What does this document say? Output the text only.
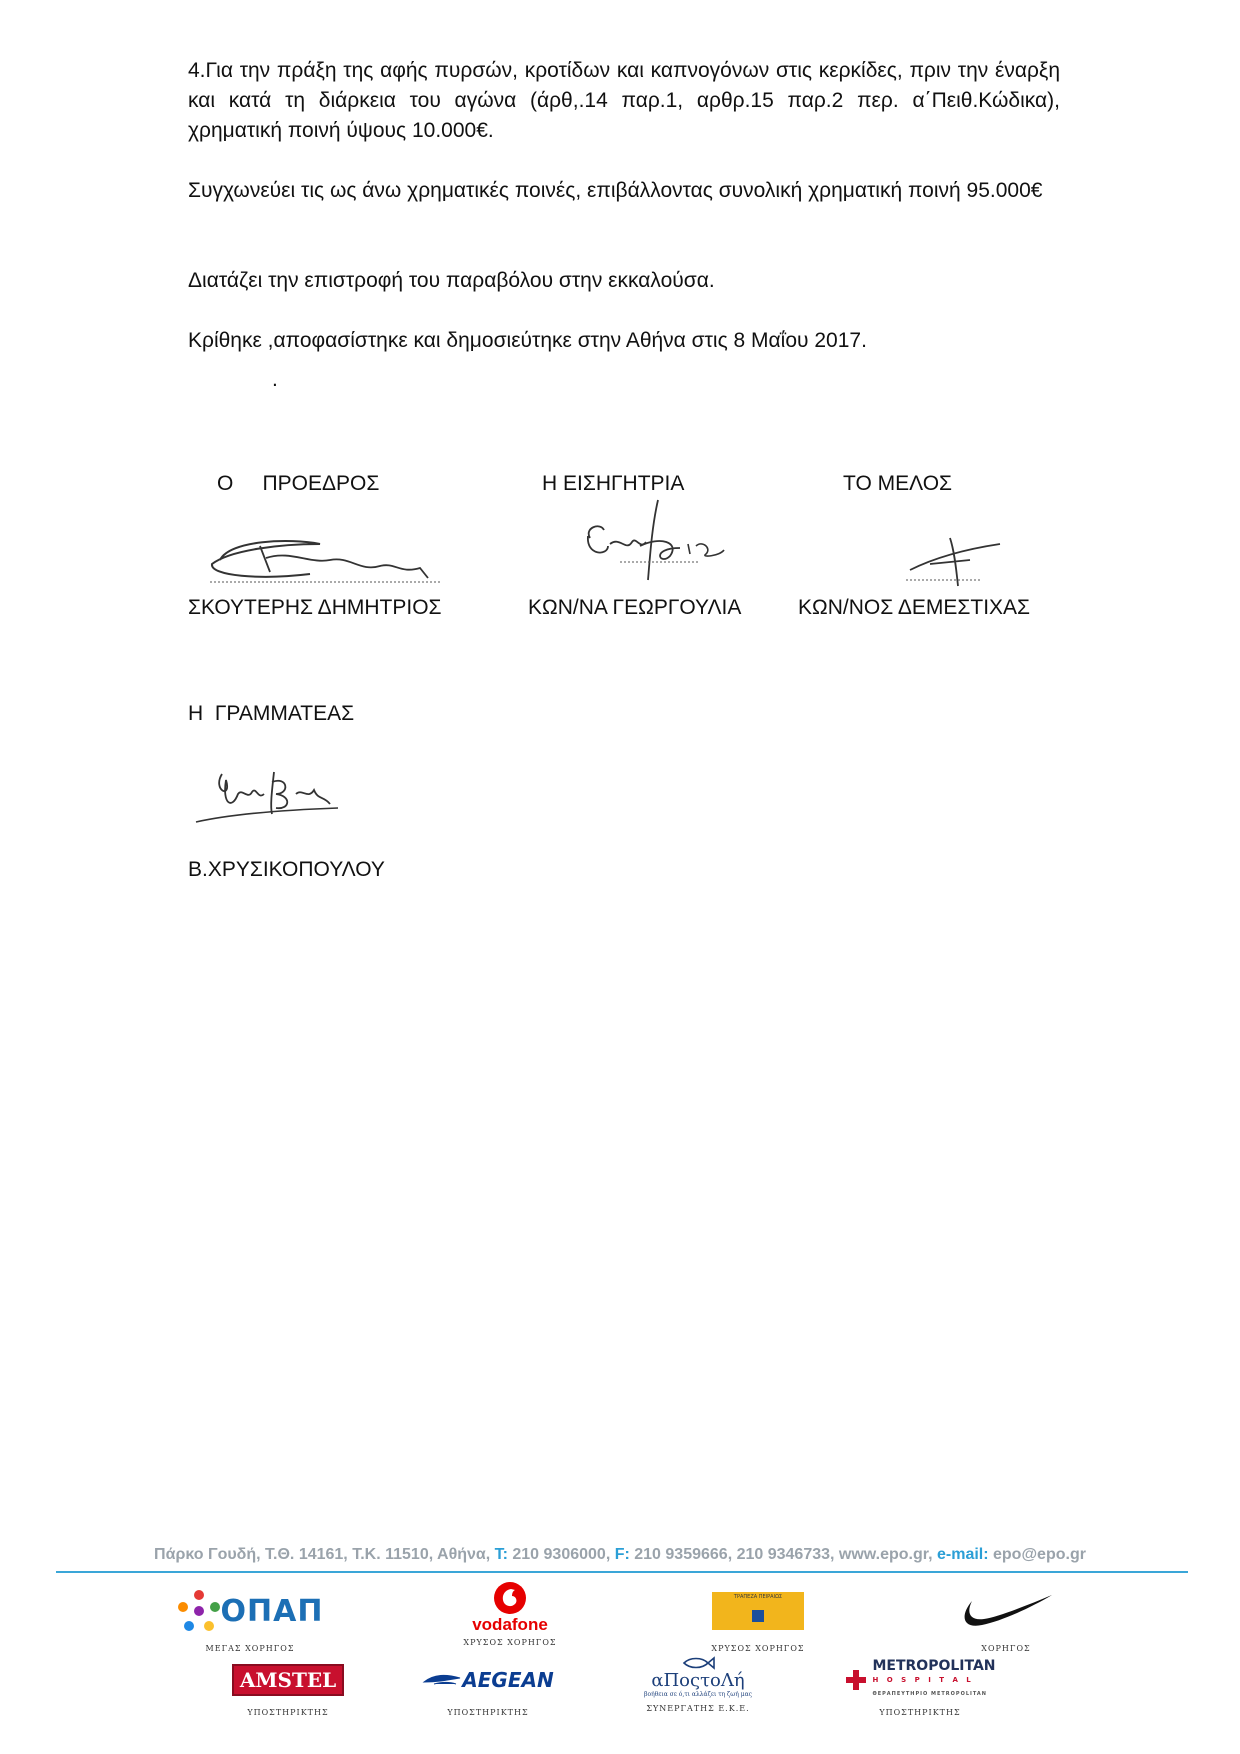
4.Για την πράξη της αφής πυρσών, κροτίδων και καπνογόνων στις κερκίδες, πριν την έναρξη και κατά τη διάρκεια του αγώνα (άρθ,.14 παρ.1, αρθρ.15 παρ.2 περ. α΄Πειθ.Κώδικα), χρηματική ποινή ύψους 10.000€.
Συγχωνεύει τις ως άνω χρηματικές ποινές, επιβάλλοντας συνολική χρηματική ποινή 95.000€
Διατάζει την επιστροφή του παραβόλου στην εκκαλούσα.
Κρίθηκε ,αποφασίστηκε και δημοσιεύτηκε στην Αθήνα στις 8 Μαΐου 2017.
.
Ο     ΠΡΟΕΔΡΟΣ	Η ΕΙΣΗΓΗΤΡΙΑ	ΤΟ ΜΕΛΟΣ
ΣΚΟΥΤΕΡΗΣ ΔΗΜΗΤΡΙΟΣ	ΚΩΝ/ΝΑ ΓΕΩΡΓΟΥΛΙΑ	ΚΩΝ/ΝΟΣ ΔΕΜΕΣΤΙΧΑΣ
Η  ΓΡΑΜΜΑΤΕΑΣ
Β.ΧΡΥΣΙΚΟΠΟΥΛΟΥ
Πάρκο Γουδή, Τ.Θ. 14161, Τ.Κ. 11510, Αθήνα, T: 210 9306000, F: 210 9359666, 210 9346733, www.epo.gr, e-mail: epo@epo.gr
ΟΠΑΠ
ΜΕΓΑΣ ΧΟΡΗΓΟΣ
vodafone
ΧΡΥΣΟΣ ΧΟΡΗΓΟΣ
ΤΡΑΠΕΖΑ ΠΕΙΡΑΙΩΣ
ΧΡΥΣΟΣ ΧΟΡΗΓΟΣ	ΧΟΡΗΓΟΣ
AMSTEL
ΥΠΟΣΤΗΡΙΚΤΗΣ
AEGEAN
ΥΠΟΣΤΗΡΙΚΤΗΣ
αΠοςτοΛή
βοήθεια σε ό,τι αλλάζει τη ζωή μας
ΣΥΝΕΡΓΑΤΗΣ Ε.Κ.Ε.
METROPOLITAN
H O S P I T A L
ΘΕΡΑΠΕΥΤΗΡΙΟ METROPOLITAN
ΥΠΟΣΤΗΡΙΚΤΗΣ
